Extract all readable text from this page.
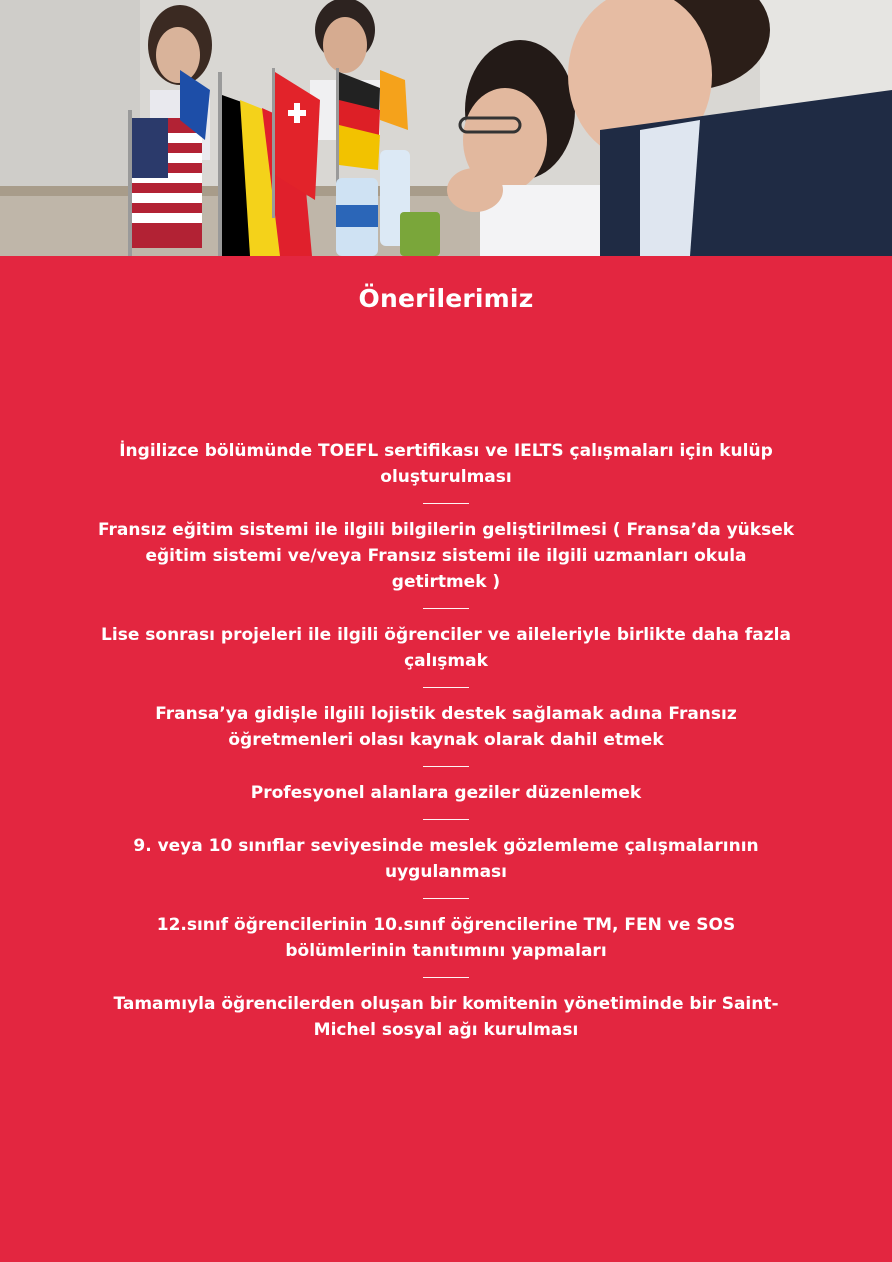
Önerilerimiz
İngilizce bölümünde TOEFL sertifikası ve IELTS çalışmaları için kulüp oluşturulması
Fransız eğitim sistemi ile ilgili bilgilerin geliştirilmesi ( Fransa’da yüksek eğitim sistemi ve/veya Fransız sistemi ile ilgili uzmanları okula getirtmek )
Lise sonrası projeleri ile ilgili öğrenciler ve aileleriyle birlikte daha fazla çalışmak
Fransa’ya gidişle ilgili lojistik destek sağlamak adına Fransız öğretmenleri olası kaynak olarak dahil etmek
Profesyonel alanlara geziler düzenlemek
9. veya 10 sınıflar seviyesinde meslek gözlemleme çalışmalarının uygulanması
12.sınıf öğrencilerinin 10.sınıf öğrencilerine TM, FEN ve SOS bölümlerinin tanıtımını yapmaları
Tamamıyla öğrencilerden oluşan bir komitenin yönetiminde bir Saint-Michel sosyal ağı kurulması
